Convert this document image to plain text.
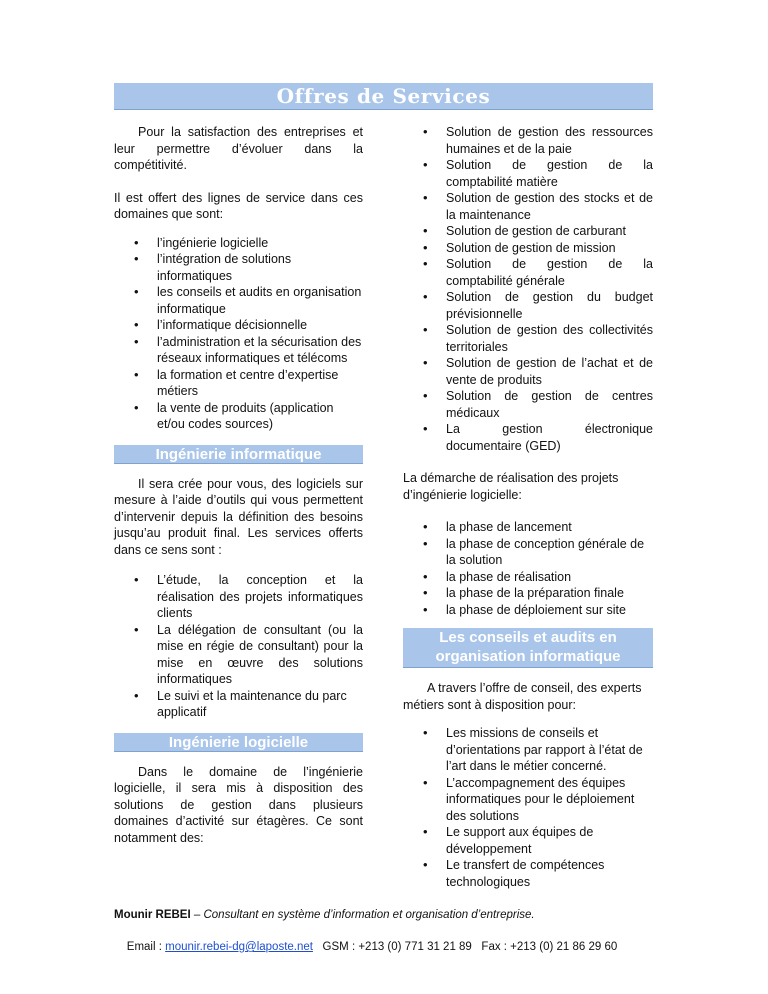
Offres de Services

Pour la satisfaction des entreprises et leur permettre d’évoluer dans la compétitivité.

Il est offert des lignes de service dans ces domaines que sont:

• l’ingénierie logicielle
• l’intégration de solutions informatiques
• les conseils et audits en organisation informatique
• l’informatique décisionnelle
• l’administration et la sécurisation des réseaux informatiques et télécoms
• la formation et centre d’expertise métiers
• la vente de produits (application et/ou codes sources)
Ingénierie informatique

Il sera crée pour vous, des logiciels sur mesure à l’aide d’outils qui vous permettent d’intervenir depuis la définition des besoins jusqu’au produit final. Les services offerts dans ce sens sont :

• L’étude, la conception et la réalisation des projets informatiques clients
• La délégation de consultant (ou la mise en régie de consultant) pour la mise en œuvre des solutions informatiques
• Le suivi et la maintenance du parc applicatif
Ingénierie logicielle

Dans le domaine de l’ingénierie logicielle, il sera mis à disposition des solutions de gestion dans plusieurs domaines d’activité sur étagères. Ce sont notamment des:

• Solution de gestion des ressources humaines et de la paie
• Solution de gestion de la comptabilité matière
• Solution de gestion des stocks et de la maintenance
• Solution de gestion de carburant
• Solution de gestion de mission
• Solution de gestion de la comptabilité générale
• Solution de gestion du budget prévisionnelle
• Solution de gestion des collectivités territoriales
• Solution de gestion de l’achat et de vente de produits
• Solution de gestion de centres médicaux
• La gestion électronique documentaire (GED)

La démarche de réalisation des projets d’ingénierie logicielle:

• la phase de lancement
• la phase de conception générale de la solution
• la phase de réalisation
• la phase de la préparation finale
• la phase de déploiement sur site
Les conseils et audits en
organisation informatique

A travers l’offre de conseil, des experts métiers sont à disposition pour:

• Les missions de conseils et d’orientations par rapport à l’état de l’art dans le métier concerné.
• L’accompagnement des équipes informatiques pour le déploiement des solutions
• Le support aux équipes de développement
• Le transfert de compétences technologiques
Mounir REBEI – Consultant en système d’information et organisation d’entreprise.

Email : mounir.rebei-dg@laposte.net   GSM : +213 (0) 771 31 21 89   Fax : +213 (0) 21 86 29 60
